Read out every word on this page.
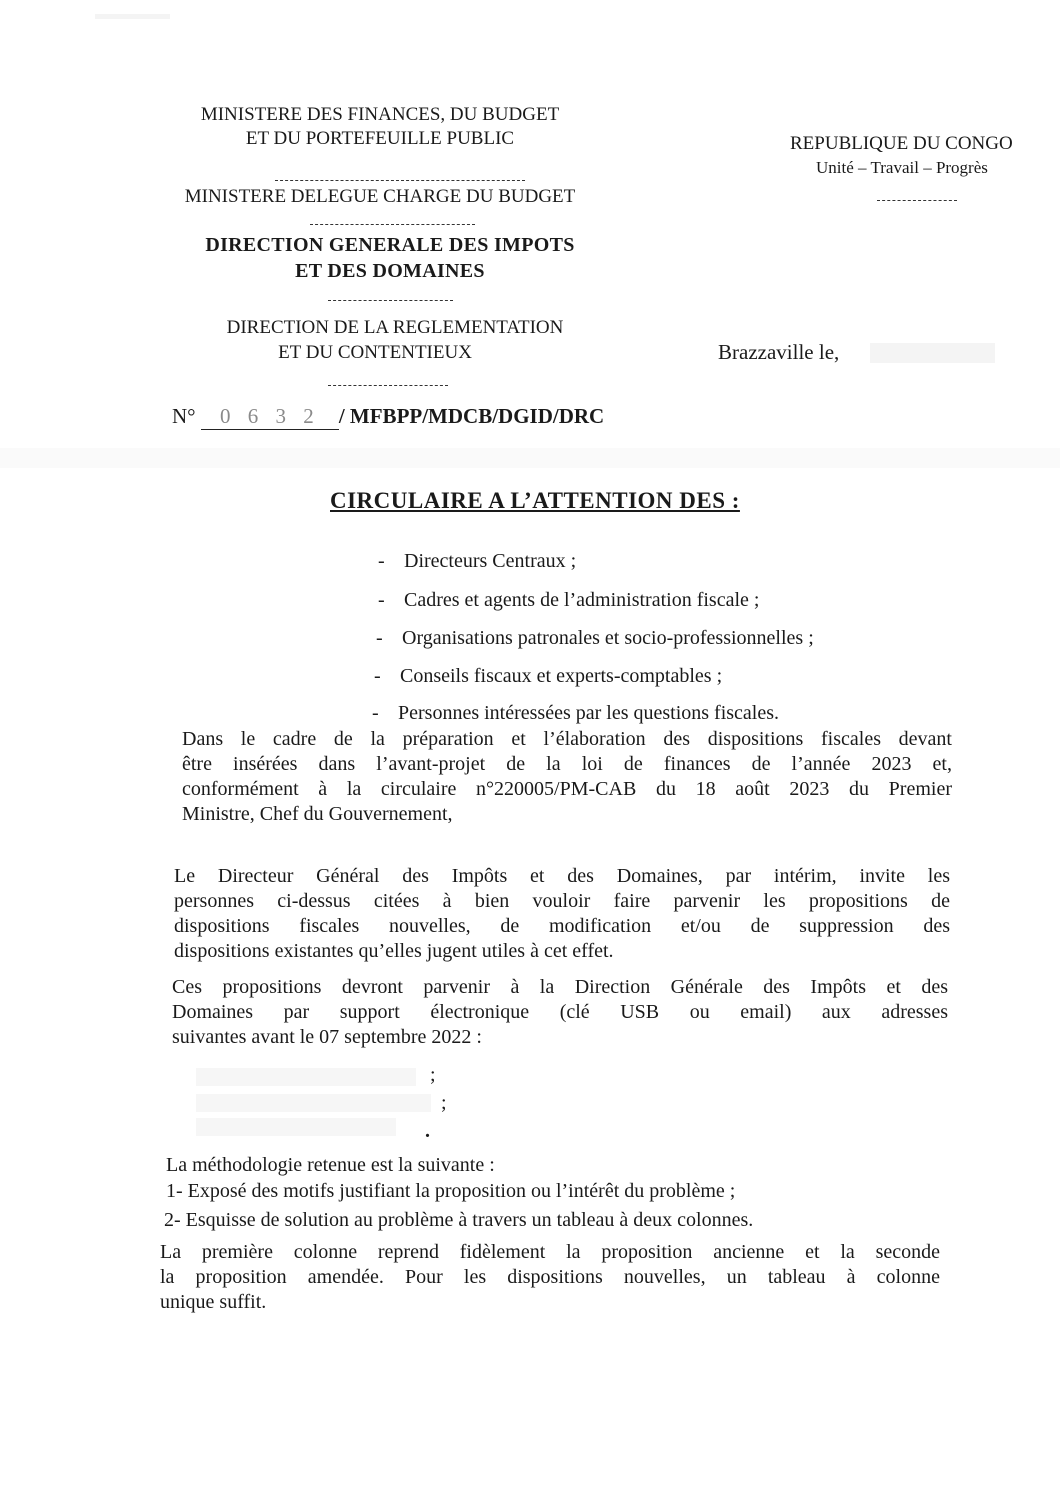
MINISTERE DES FINANCES, DU BUDGET
ET DU PORTEFEUILLE PUBLIC
MINISTERE DELEGUE CHARGE DU BUDGET
DIRECTION GENERALE DES IMPOTS
ET DES DOMAINES
DIRECTION DE LA REGLEMENTATION
ET DU CONTENTIEUX
REPUBLIQUE DU CONGO
Unité – Travail – Progrès
Brazzaville le,
N° 0 6 3 2 / MFBPP/MDCB/DGID/DRC
CIRCULAIRE A L’ATTENTION DES :
- Directeurs Centraux ;
- Cadres et agents de l’administration fiscale ;
- Organisations patronales et socio-professionnelles ;
- Conseils fiscaux et experts-comptables ;
- Personnes intéressées par les questions fiscales.
Dans le cadre de la préparation et l’élaboration des dispositions fiscales devant
être insérées dans l’avant-projet de la loi de finances de l’année 2023 et,
conformément à la circulaire n°220005/PM-CAB du 18 août 2023 du Premier
Ministre, Chef du Gouvernement,
Le Directeur Général des Impôts et des Domaines, par intérim, invite les
personnes ci-dessus citées à bien vouloir faire parvenir les propositions de
dispositions fiscales nouvelles, de modification et/ou de suppression des
dispositions existantes qu’elles jugent utiles à cet effet.
Ces propositions devront parvenir à la Direction Générale des Impôts et des
Domaines par support électronique (clé USB ou email) aux adresses
suivantes avant le 07 septembre 2022 :
;
;
.
La méthodologie retenue est la suivante :
1- Exposé des motifs justifiant la proposition ou l’intérêt du problème ;
2- Esquisse de solution au problème à travers un tableau à deux colonnes.
La première colonne reprend fidèlement la proposition ancienne et la seconde
la proposition amendée. Pour les dispositions nouvelles, un tableau à colonne
unique suffit.
